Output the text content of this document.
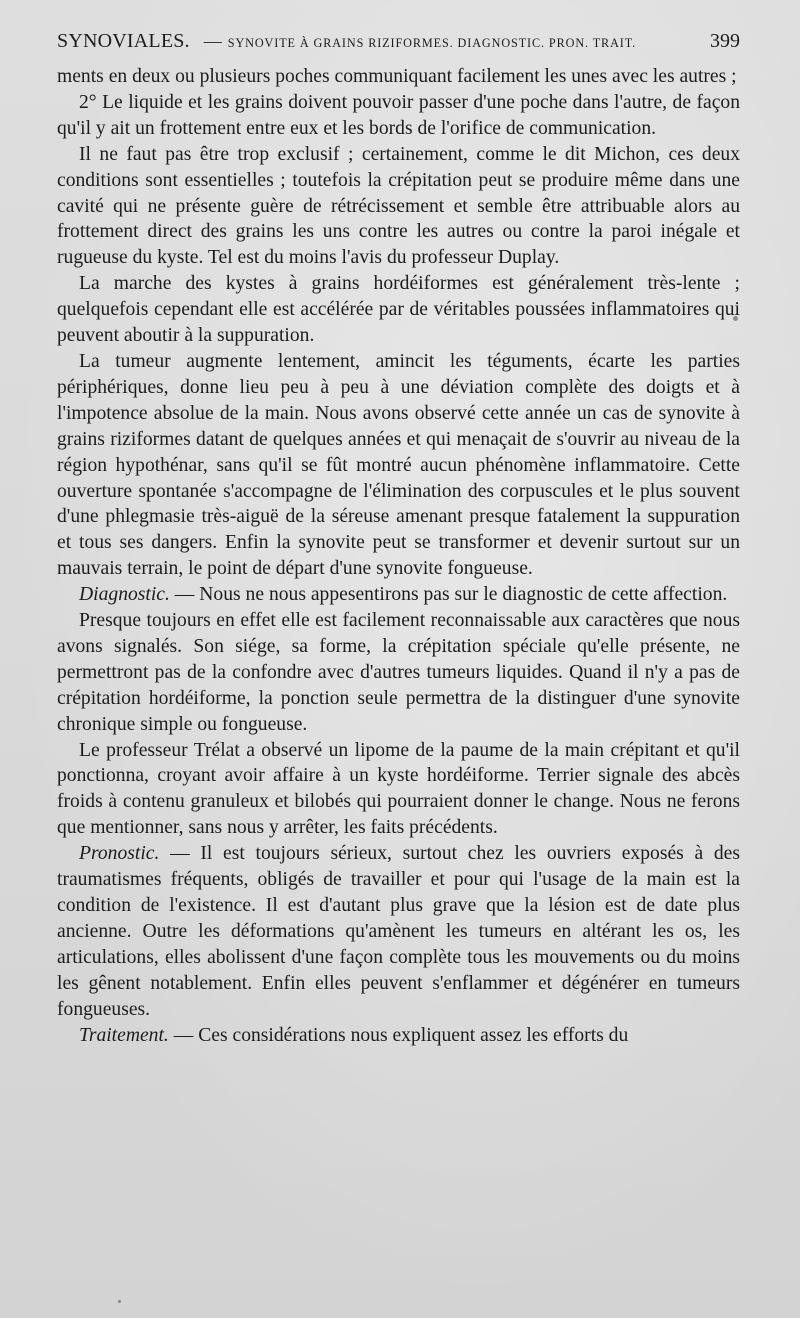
SYNOVIALES. — SYNOVITE À GRAINS RIZIFORMES. DIAGNOSTIC. PRON. TRAIT.	399

ments en deux ou plusieurs poches communiquant facilement les unes avec les autres ;

2° Le liquide et les grains doivent pouvoir passer d'une poche dans l'autre, de façon qu'il y ait un frottement entre eux et les bords de l'orifice de communication.

Il ne faut pas être trop exclusif ; certainement, comme le dit Michon, ces deux conditions sont essentielles ; toutefois la crépitation peut se produire même dans une cavité qui ne présente guère de rétrécissement et semble être attribuable alors au frottement direct des grains les uns contre les autres ou contre la paroi inégale et rugueuse du kyste. Tel est du moins l'avis du professeur Duplay.

La marche des kystes à grains hordéiformes est généralement très-lente ; quelquefois cependant elle est accélérée par de véritables poussées inflammatoires qui peuvent aboutir à la suppuration.

La tumeur augmente lentement, amincit les téguments, écarte les parties périphériques, donne lieu peu à peu à une déviation complète des doigts et à l'impotence absolue de la main. Nous avons observé cette année un cas de synovite à grains riziformes datant de quelques années et qui menaçait de s'ouvrir au niveau de la région hypothénar, sans qu'il se fût montré aucun phénomène inflammatoire. Cette ouverture spontanée s'accompagne de l'élimination des corpuscules et le plus souvent d'une phlegmasie très-aiguë de la séreuse amenant presque fatalement la suppuration et tous ses dangers. Enfin la synovite peut se transformer et devenir surtout sur un mauvais terrain, le point de départ d'une synovite fongueuse.

Diagnostic. — Nous ne nous appesentirons pas sur le diagnostic de cette affection.

Presque toujours en effet elle est facilement reconnaissable aux caractères que nous avons signalés. Son siége, sa forme, la crépitation spéciale qu'elle présente, ne permettront pas de la confondre avec d'autres tumeurs liquides. Quand il n'y a pas de crépitation hordéiforme, la ponction seule permettra de la distinguer d'une synovite chronique simple ou fongueuse.

Le professeur Trélat a observé un lipome de la paume de la main crépitant et qu'il ponctionna, croyant avoir affaire à un kyste hordéiforme. Terrier signale des abcès froids à contenu granuleux et bilobés qui pourraient donner le change. Nous ne ferons que mentionner, sans nous y arrêter, les faits précédents.

Pronostic. — Il est toujours sérieux, surtout chez les ouvriers exposés à des traumatismes fréquents, obligés de travailler et pour qui l'usage de la main est la condition de l'existence. Il est d'autant plus grave que la lésion est de date plus ancienne. Outre les déformations qu'amènent les tumeurs en altérant les os, les articulations, elles abolissent d'une façon complète tous les mouvements ou du moins les gênent notablement. Enfin elles peuvent s'enflammer et dégénérer en tumeurs fongueuses.

Traitement. — Ces considérations nous expliquent assez les efforts du
